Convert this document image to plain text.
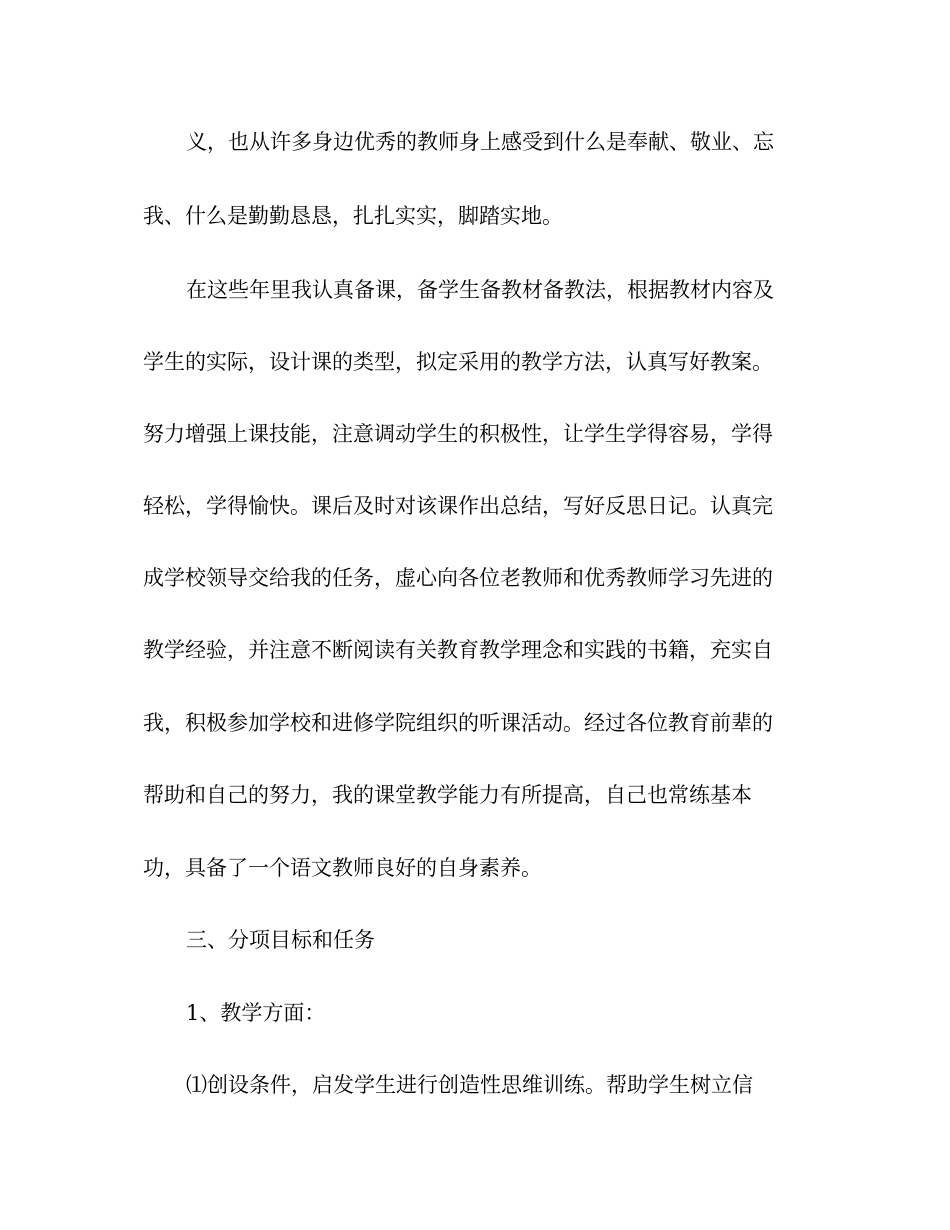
义，也从许多身边优秀的教师身上感受到什么是奉献、敬业、忘
我、什么是勤勤恳恳，扎扎实实，脚踏实地。
在这些年里我认真备课，备学生备教材备教法，根据教材内容及
学生的实际，设计课的类型，拟定采用的教学方法，认真写好教案。
努力增强上课技能，注意调动学生的积极性，让学生学得容易，学得
轻松，学得愉快。课后及时对该课作出总结，写好反思日记。认真完
成学校领导交给我的任务，虚心向各位老教师和优秀教师学习先进的
教学经验，并注意不断阅读有关教育教学理念和实践的书籍，充实自
我，积极参加学校和进修学院组织的听课活动。经过各位教育前辈的
帮助和自己的努力，我的课堂教学能力有所提高，自己也常练基本
功，具备了一个语文教师良好的自身素养。
三、分项目标和任务
1、教学方面：
⑴创设条件，启发学生进行创造性思维训练。帮助学生树立信
